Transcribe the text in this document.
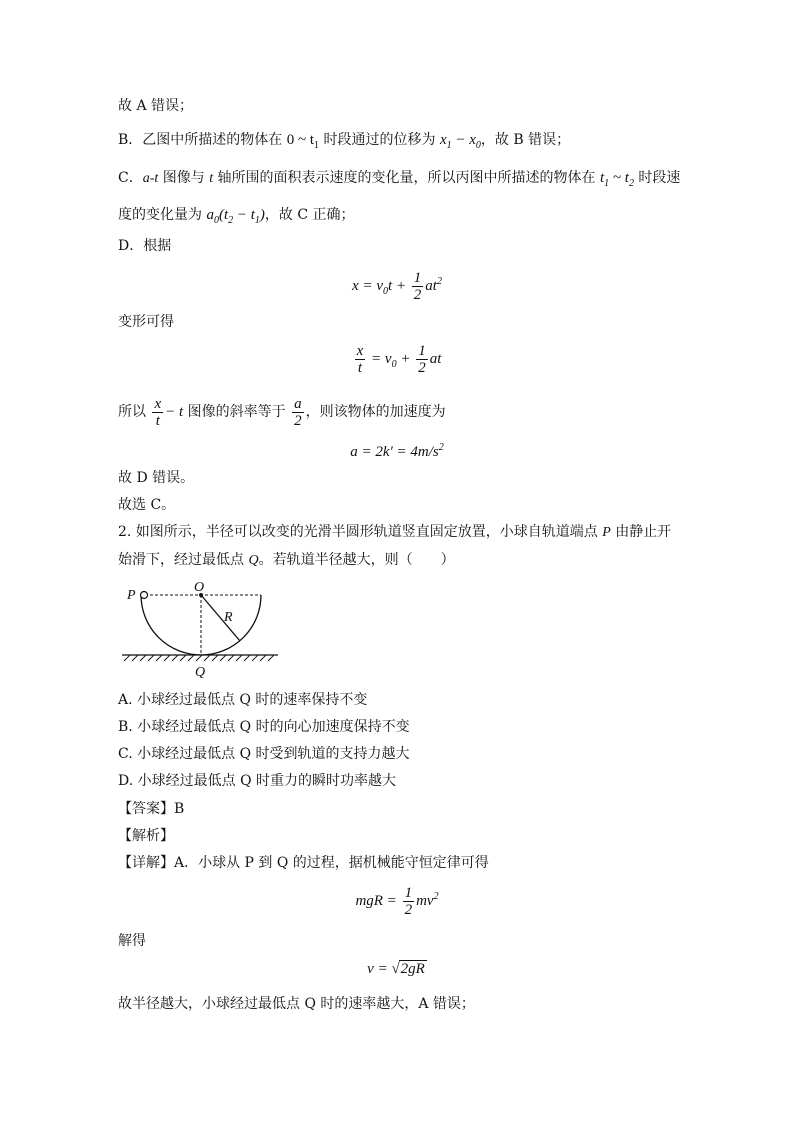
故 A 错误；
B．乙图中所描述的物体在 0 ~ $t_1$ 时段通过的位移为 $x_1 - x_0$，故 B 错误；
C．a-t 图像与 t 轴所围的面积表示速度的变化量，所以丙图中所描述的物体在 $t_1$ ~ $t_2$ 时段速
度的变化量为 $a_0(t_2 - t_1)$，故 C 正确；
D．根据
$x = v_0t + \frac{1}{2} at^2$
变形可得
$\frac{x}{t} = v_0 + \frac{1}{2}$ at
所以 $\frac{x}{t} - t$ 图像的斜率等于 $\frac{a}{2}$ ，则该物体的加速度为
$a = 2k' = 4m/s^2$
故 D 错误。
故选 C。
2. 如图所示，半径可以改变的光滑半圆形轨道竖直固定放置，小球自轨道端点 P 由静止开
始滑下，经过最低点 Q。若轨道半径越大，则（　　）
P
O
R
Q
A. 小球经过最低点 Q 时的速率保持不变
B. 小球经过最低点 Q 时的向心加速度保持不变
C. 小球经过最低点 Q 时受到轨道的支持力越大
D. 小球经过最低点 Q 时重力的瞬时功率越大
【答案】B
【解析】
【详解】A．小球从 P 到 Q 的过程，据机械能守恒定律可得
mgR = $\frac{1}{2} mv^2$
解得
v = √2gR
故半径越大，小球经过最低点 Q 时的速率越大，A 错误；
